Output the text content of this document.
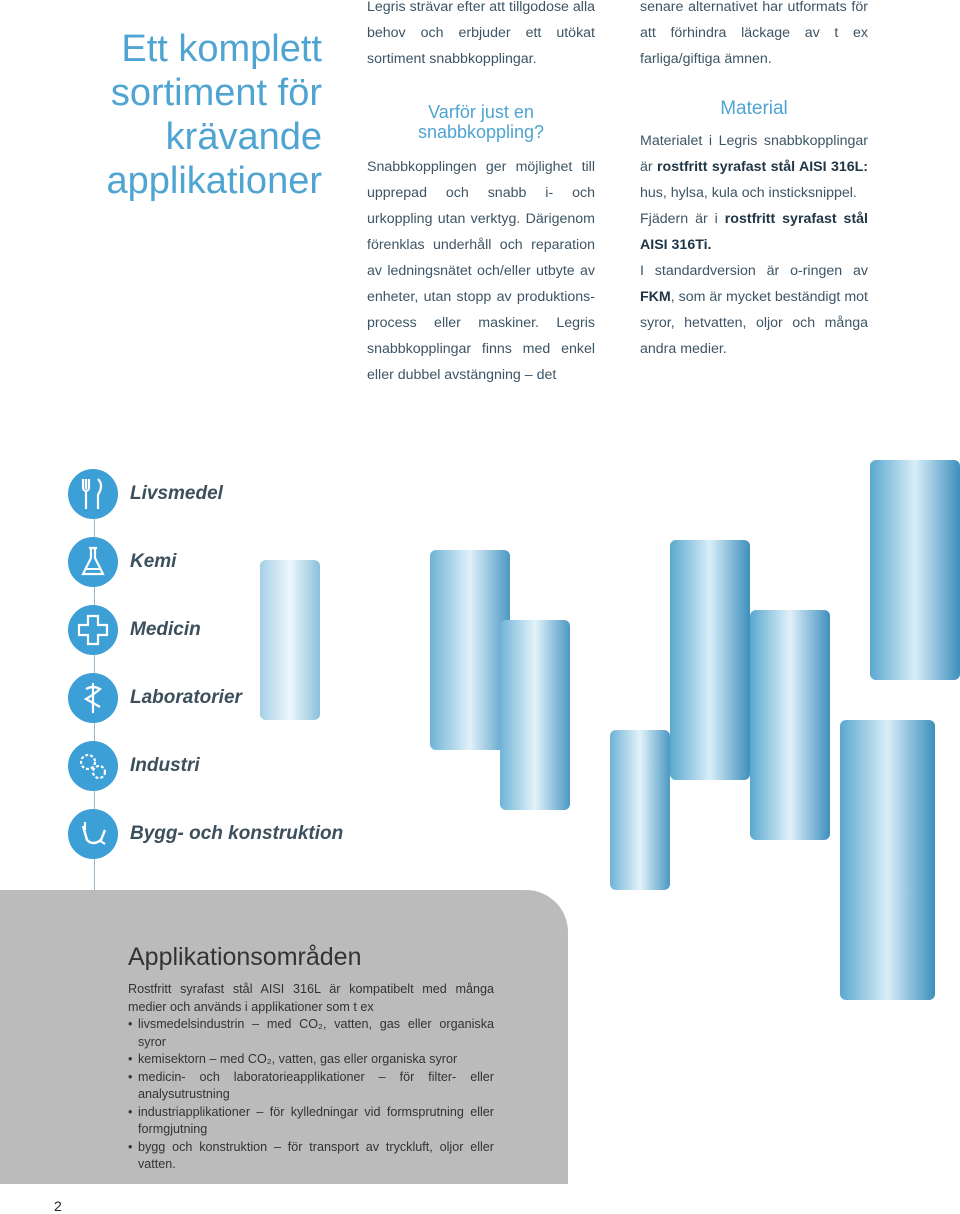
Ett komplett sortiment för krävande applikationer

Legris strävar efter att tillgodose alla behov och erbjuder ett utökat sortiment snabbkopplingar.

Varför just en snabbkoppling?

Snabbkopplingen ger möjlighet till upprepad och snabb i- och urkoppling utan verktyg. Därigenom förenklas underhåll och reparation av ledningsnätet och/eller utbyte av enheter, utan stopp av produktions-process eller maskiner. Legris snabbkopplingar finns med enkel eller dubbel avstängning – det

senare alternativet har utformats för att förhindra läckage av t ex farliga/giftiga ämnen.

Material

Materialet i Legris snabbkopplingar är rostfritt syrafast stål AISI 316L: hus, hylsa, kula och insticksnippel.

Fjädern är i rostfritt syrafast stål AISI 316Ti.

I standardversion är o-ringen av FKM, som är mycket beständigt mot syror, hetvatten, oljor och många andra medier.

Livsmedel
Kemi
Medicin
Laboratorier
Industri
Bygg- och konstruktion
Applikationsområden

Rostfritt syrafast stål AISI 316L är kompatibelt med många medier och används i applikationer som t ex

• livsmedelsindustrin – med CO₂, vatten, gas eller organiska syror
• kemisektorn – med CO₂, vatten, gas eller organiska syror
• medicin- och laboratorieapplikationer – för filter- eller analysutrustning
• industriapplikationer – för kylledningar vid formsprutning eller formgjutning
• bygg och konstruktion – för transport av tryckluft, oljor eller vatten.
2
